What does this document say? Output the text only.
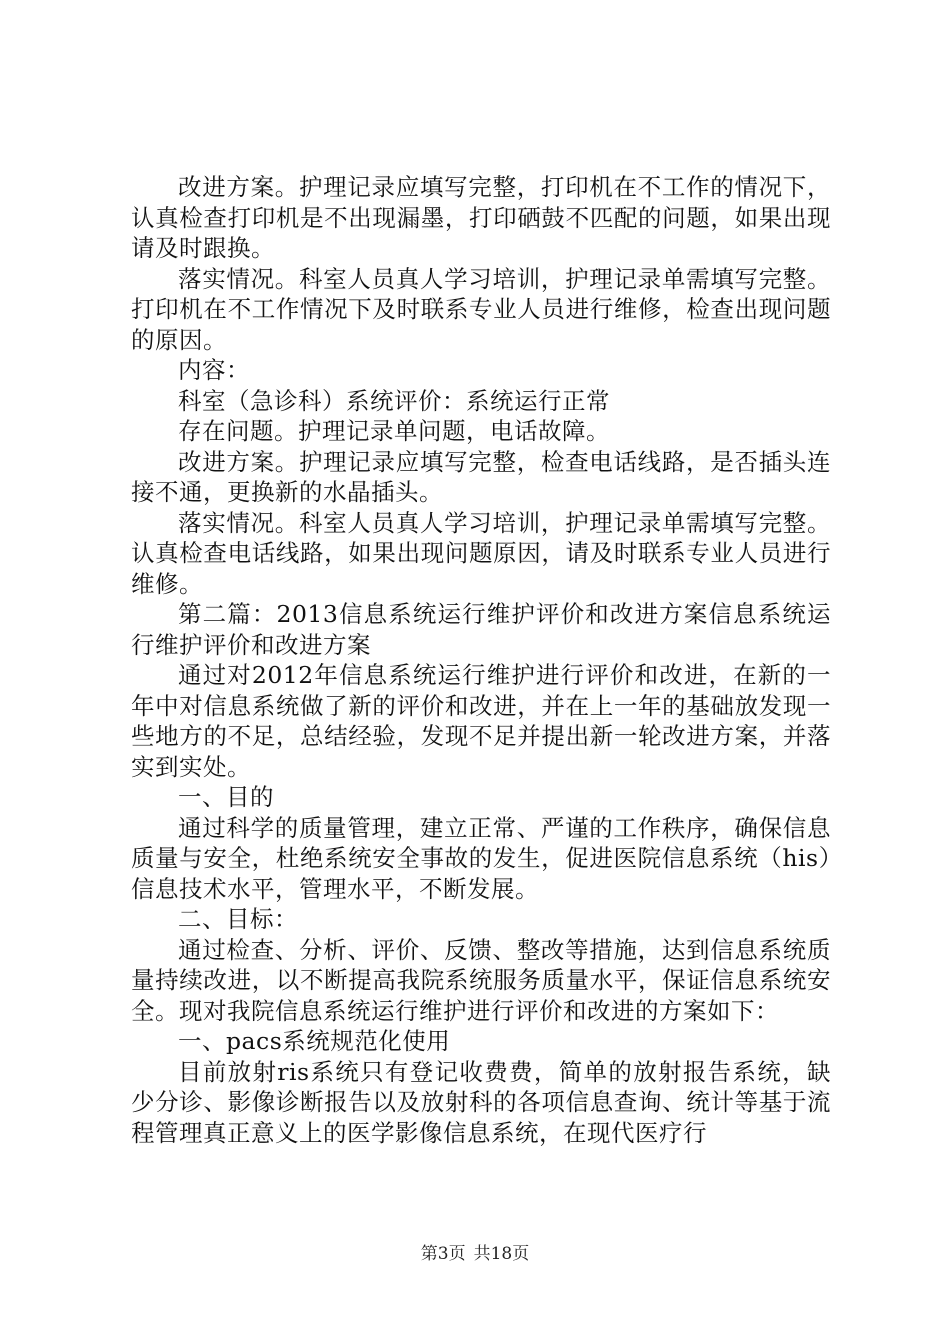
改进方案。护理记录应填写完整，打印机在不工作的情况下，认真检查打印机是不出现漏墨，打印硒鼓不匹配的问题，如果出现请及时跟换。

落实情况。科室人员真人学习培训，护理记录单需填写完整。打印机在不工作情况下及时联系专业人员进行维修，检查出现问题的原因。

内容：

科室（急诊科）系统评价：系统运行正常

存在问题。护理记录单问题，电话故障。

改进方案。护理记录应填写完整，检查电话线路，是否插头连接不通，更换新的水晶插头。

落实情况。科室人员真人学习培训，护理记录单需填写完整。认真检查电话线路，如果出现问题原因，请及时联系专业人员进行维修。

第二篇：2013信息系统运行维护评价和改进方案信息系统运行维护评价和改进方案

通过对2012年信息系统运行维护进行评价和改进，在新的一年中对信息系统做了新的评价和改进，并在上一年的基础放发现一些地方的不足，总结经验，发现不足并提出新一轮改进方案，并落实到实处。

一、目的

通过科学的质量管理，建立正常、严谨的工作秩序，确保信息质量与安全，杜绝系统安全事故的发生，促进医院信息系统（his）信息技术水平，管理水平，不断发展。

二、目标：

通过检查、分析、评价、反馈、整改等措施，达到信息系统质量持续改进，以不断提高我院系统服务质量水平，保证信息系统安全。现对我院信息系统运行维护进行评价和改进的方案如下：

一、pacs系统规范化使用

目前放射ris系统只有登记收费费，简单的放射报告系统，缺少分诊、影像诊断报告以及放射科的各项信息查询、统计等基于流程管理真正意义上的医学影像信息系统，在现代医疗行

第3页 共18页
